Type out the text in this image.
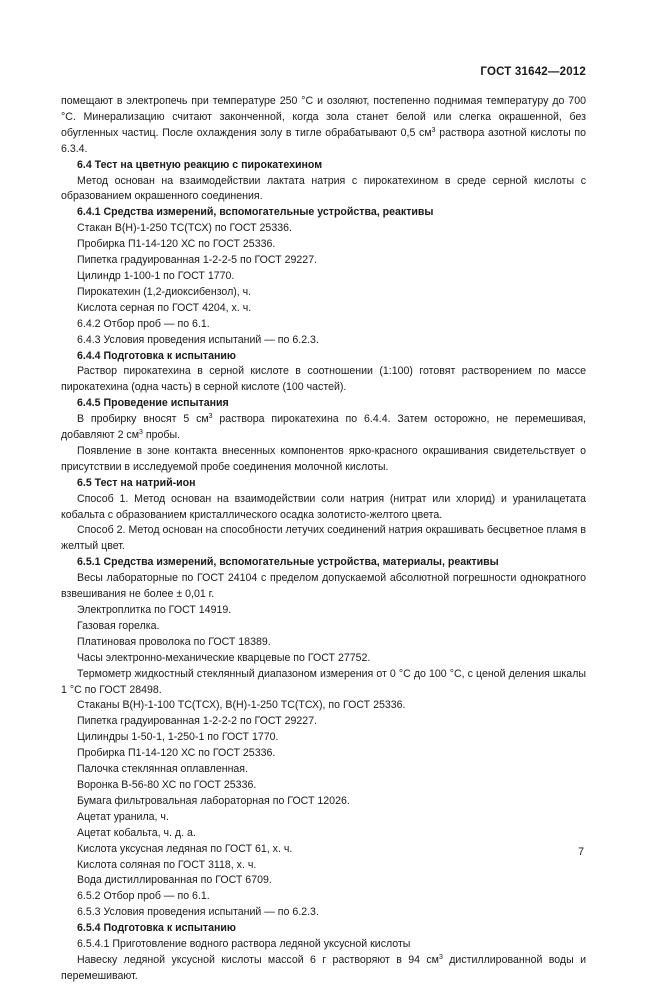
ГОСТ 31642—2012

помещают в электропечь при температуре 250 °С и озоляют, постепенно поднимая температуру до 700 °С. Минерализацию считают законченной, когда зола станет белой или слегка окрашенной, без обугленных частиц. После охлаждения золу в тигле обрабатывают 0,5 $см^3$ раствора азотной кислоты по 6.3.4.

6.4 Тест на цветную реакцию с пирокатехином

Метод основан на взаимодействии лактата натрия с пирокатехином в среде серной кислоты с образованием окрашенного соединения.

6.4.1 Средства измерений, вспомогательные устройства, реактивы

Стакан В(Н)-1-250 ТС(ТСХ) по ГОСТ 25336.

Пробирка П1-14-120 ХС по ГОСТ 25336.

Пипетка градуированная 1-2-2-5 по ГОСТ 29227.

Цилиндр 1-100-1 по ГОСТ 1770.

Пирокатехин (1,2-диоксибензол), ч.

Кислота серная по ГОСТ 4204, х. ч.

6.4.2 Отбор проб — по 6.1.

6.4.3 Условия проведения испытаний — по 6.2.3.

6.4.4 Подготовка к испытанию

Раствор пирокатехина в серной кислоте в соотношении (1:100) готовят растворением по массе пирокатехина (одна часть) в серной кислоте (100 частей).

6.4.5 Проведение испытания

В пробирку вносят 5 $см^3$ раствора пирокатехина по 6.4.4. Затем осторожно, не перемешивая, добавляют 2 $см^3$ пробы.

Появление в зоне контакта внесенных компонентов ярко-красного окрашивания свидетельствует о присутствии в исследуемой пробе соединения молочной кислоты.

6.5 Тест на натрий-ион

Способ 1. Метод основан на взаимодействии соли натрия (нитрат или хлорид) и уранилацетата кобальта с образованием кристаллического осадка золотисто-желтого цвета.

Способ 2. Метод основан на способности летучих соединений натрия окрашивать бесцветное пламя в желтый цвет.

6.5.1 Средства измерений, вспомогательные устройства, материалы, реактивы

Весы лабораторные по ГОСТ 24104 с пределом допускаемой абсолютной погрешности однократного взвешивания не более ± 0,01 г.

Электроплитка по ГОСТ 14919.

Газовая горелка.

Платиновая проволока по ГОСТ 18389.

Часы электронно-механические кварцевые по ГОСТ 27752.

Термометр жидкостный стеклянный диапазоном измерения от 0 °С до 100 °С, с ценой деления шкалы 1 °С по ГОСТ 28498.

Стаканы В(Н)-1-100 ТС(ТСХ), В(Н)-1-250 ТС(ТСХ), по ГОСТ 25336.

Пипетка градуированная 1-2-2-2 по ГОСТ 29227.

Цилиндры 1-50-1, 1-250-1 по ГОСТ 1770.

Пробирка П1-14-120 ХС по ГОСТ 25336.

Палочка стеклянная оплавленная.

Воронка В-56-80 ХС по ГОСТ 25336.

Бумага фильтровальная лабораторная по ГОСТ 12026.

Ацетат уранила, ч.

Ацетат кобальта, ч. д. а.

Кислота уксусная ледяная по ГОСТ 61, х. ч.

Кислота соляная по ГОСТ 3118, х. ч.

Вода дистиллированная по ГОСТ 6709.

6.5.2 Отбор проб — по 6.1.

6.5.3 Условия проведения испытаний — по 6.2.3.

6.5.4 Подготовка к испытанию

6.5.4.1 Приготовление водного раствора ледяной уксусной кислоты

Навеску ледяной уксусной кислоты массой 6 г растворяют в 94 $см^3$ дистиллированной воды и перемешивают.

7
